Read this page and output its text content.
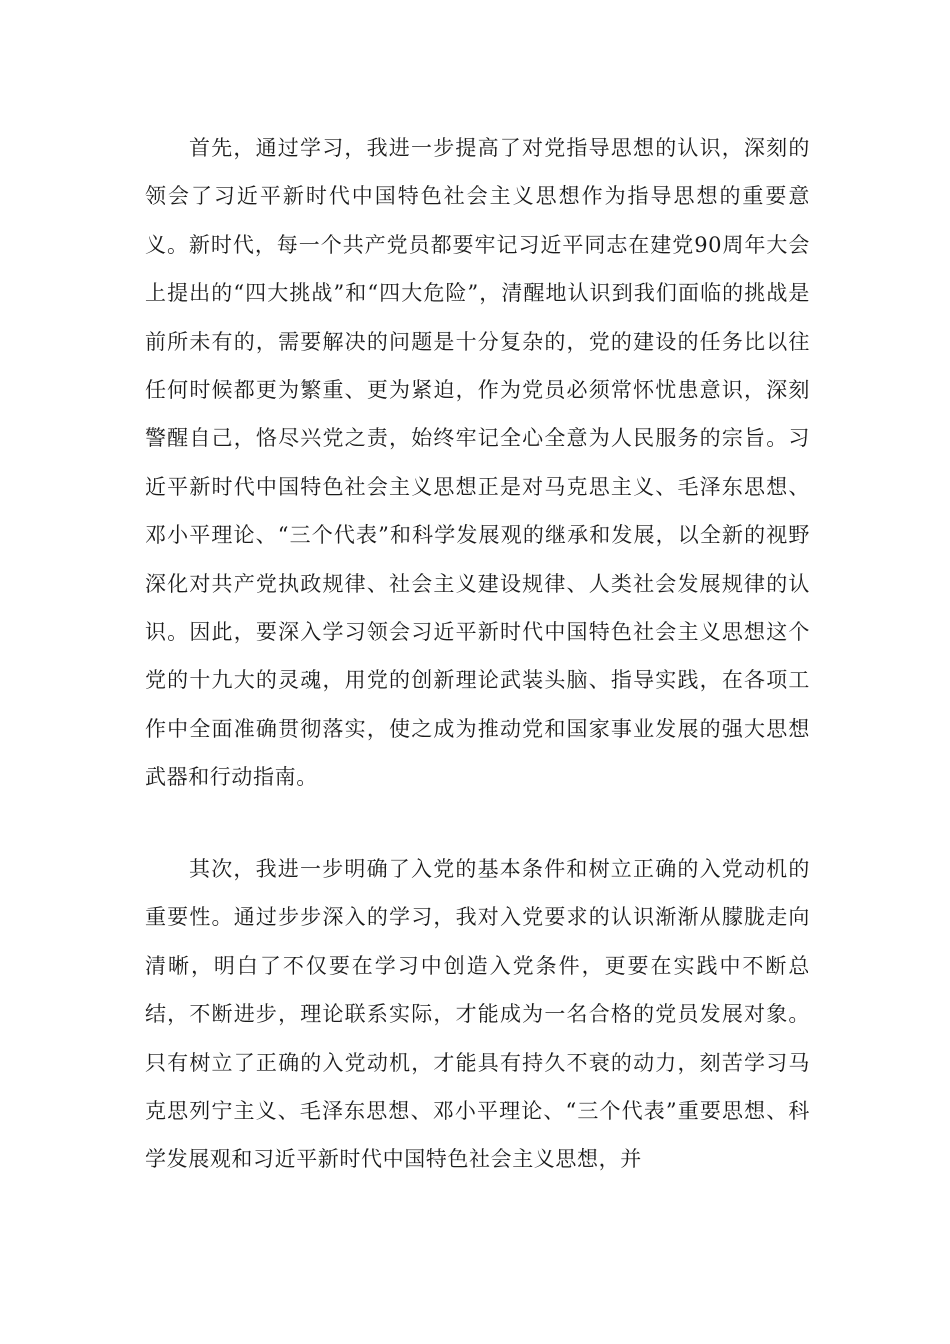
首先，通过学习，我进一步提高了对党指导思想的认识，深刻的领会了习近平新时代中国特色社会主义思想作为指导思想的重要意义。新时代，每一个共产党员都要牢记习近平同志在建党90周年大会上提出的“四大挑战”和“四大危险”，清醒地认识到我们面临的挑战是前所未有的，需要解决的问题是十分复杂的，党的建设的任务比以往任何时候都更为繁重、更为紧迫，作为党员必须常怀忧患意识，深刻警醒自己，恪尽兴党之责，始终牢记全心全意为人民服务的宗旨。习近平新时代中国特色社会主义思想正是对马克思主义、毛泽东思想、邓小平理论、“三个代表”和科学发展观的继承和发展，以全新的视野深化对共产党执政规律、社会主义建设规律、人类社会发展规律的认识。因此，要深入学习领会习近平新时代中国特色社会主义思想这个党的十九大的灵魂，用党的创新理论武装头脑、指导实践，在各项工作中全面准确贯彻落实，使之成为推动党和国家事业发展的强大思想武器和行动指南。

其次，我进一步明确了入党的基本条件和树立正确的入党动机的重要性。通过步步深入的学习，我对入党要求的认识渐渐从朦胧走向清晰，明白了不仅要在学习中创造入党条件，更要在实践中不断总结，不断进步，理论联系实际，才能成为一名合格的党员发展对象。只有树立了正确的入党动机，才能具有持久不衰的动力，刻苦学习马克思列宁主义、毛泽东思想、邓小平理论、“三个代表”重要思想、科学发展观和习近平新时代中国特色社会主义思想，并
